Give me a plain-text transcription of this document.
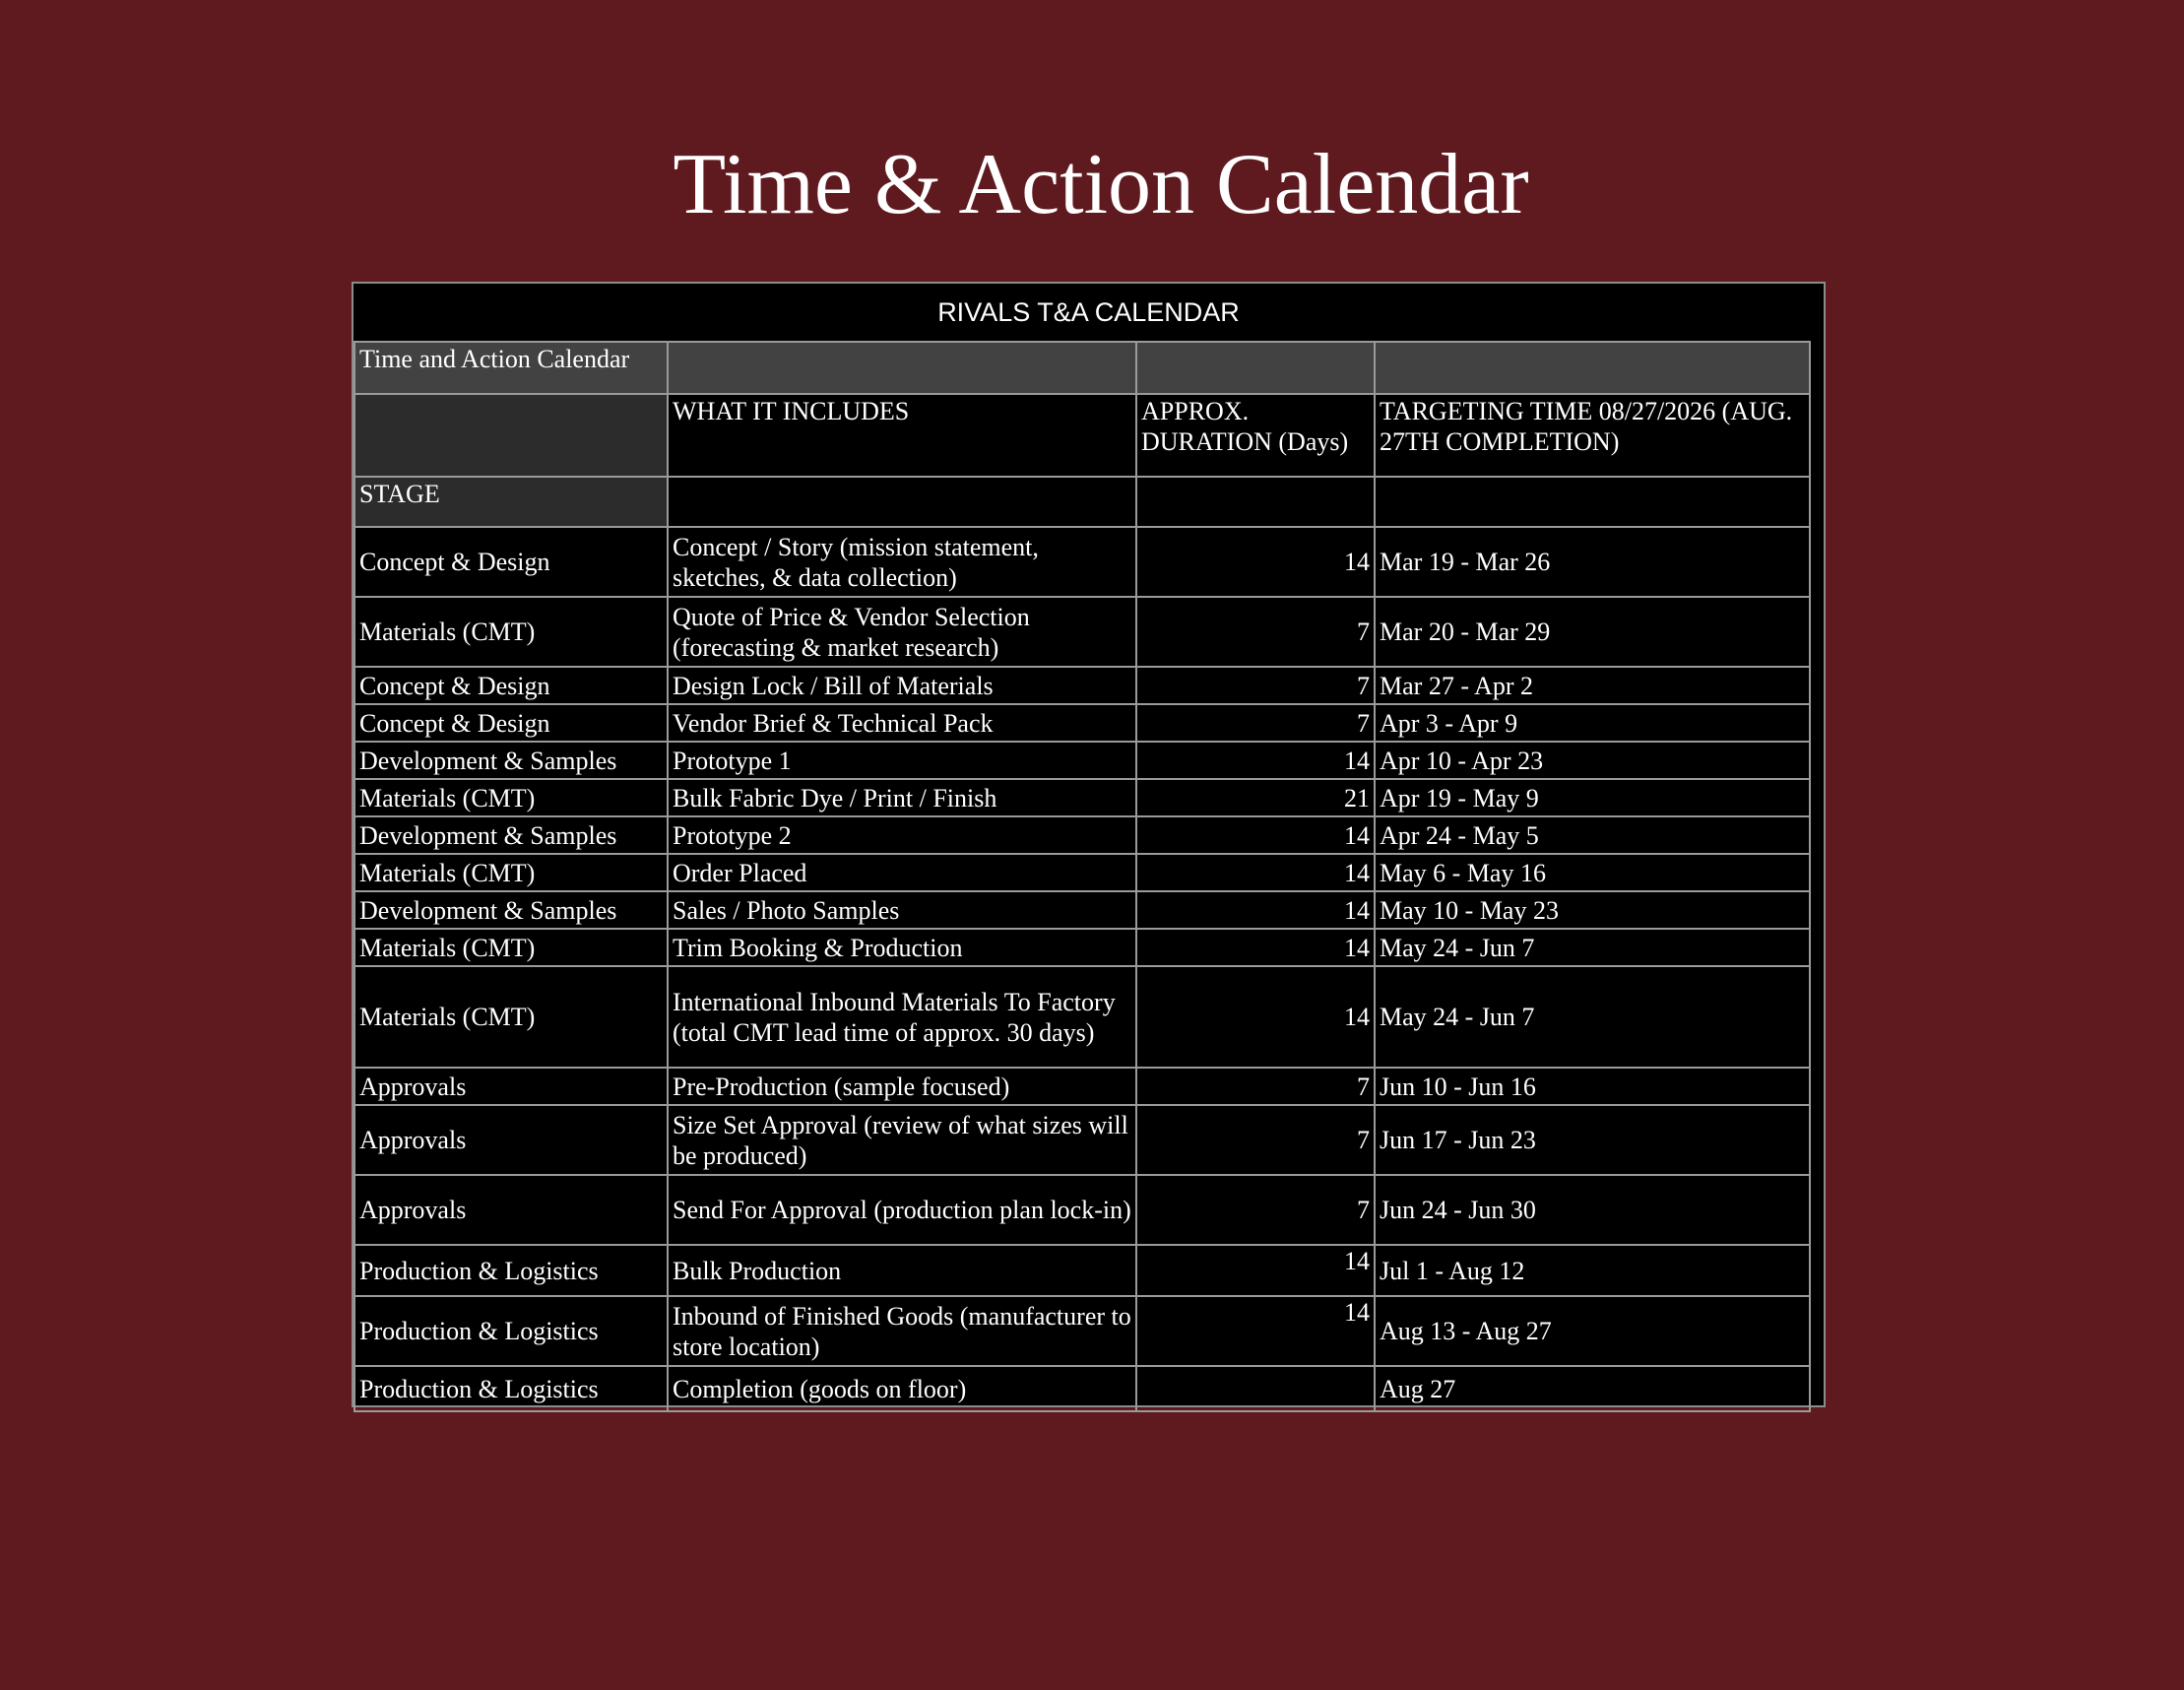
Time & Action Calendar
RIVALS T&A CALENDAR
Time and Action Calendar			
	WHAT IT INCLUDES	APPROX. DURATION (Days)	TARGETING TIME 08/27/2026 (AUG. 27TH COMPLETION)
STAGE			
Concept & Design	Concept / Story (mission statement, sketches, & data collection)	14	Mar 19 - Mar 26
Materials (CMT)	Quote of Price & Vendor Selection (forecasting & market research)	7	Mar 20 - Mar 29
Concept & Design	Design Lock / Bill of Materials	7	Mar 27 - Apr 2
Concept & Design	Vendor Brief & Technical Pack	7	Apr 3 - Apr 9
Development & Samples	Prototype 1	14	Apr 10 - Apr 23
Materials (CMT)	Bulk Fabric Dye / Print / Finish	21	Apr 19 - May 9
Development & Samples	Prototype 2	14	Apr 24 - May 5
Materials (CMT)	Order Placed	14	May 6 - May 16
Development & Samples	Sales / Photo Samples	14	May 10 - May 23
Materials (CMT)	Trim Booking & Production	14	May 24 - Jun 7
Materials (CMT)	International Inbound Materials To Factory (total CMT lead time of approx. 30 days)	14	May 24 - Jun 7
Approvals	Pre-Production (sample focused)	7	Jun 10 - Jun 16
Approvals	Size Set Approval (review of what sizes will be produced)	7	Jun 17 - Jun 23
Approvals	Send For Approval (production plan lock-in)	7	Jun 24 - Jun 30
Production & Logistics	Bulk Production	14	Jul 1 - Aug 12
Production & Logistics	Inbound of Finished Goods (manufacturer to store location)	14	Aug 13 - Aug 27
Production & Logistics	Completion (goods on floor)		Aug 27
